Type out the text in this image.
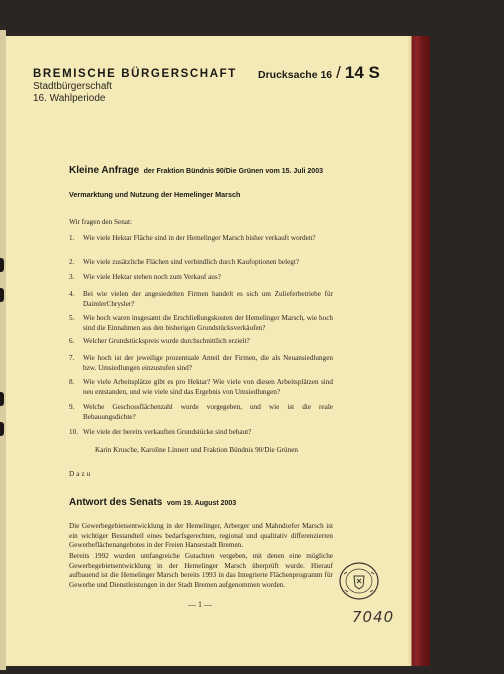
BREMISCHE BÜRGERSCHAFT
Stadtbürgerschaft
16. Wahlperiode
Drucksache 16 / 14 S
Kleine Anfrage der Fraktion Bündnis 90/Die Grünen vom 15. Juli 2003
Vermarktung und Nutzung der Hemelinger Marsch
Wir fragen den Senat:
1.	Wie viele Hektar Fläche sind in der Hemelinger Marsch bisher verkauft worden?
2.	Wie viele zusätzliche Flächen sind verbindlich durch Kaufoptionen belegt?
3.	Wie viele Hektar stehen noch zum Verkauf aus?
4.	Bei wie vielen der angesiedelten Firmen handelt es sich um Zulieferbetriebe für DaimlerChrysler?
5.	Wie hoch waren insgesamt die Erschließungskosten der Hemelinger Marsch, wie hoch sind die Einnahmen aus den bisherigen Grundstücksverkäufen?
6.	Welcher Grundstückspreis wurde durchschnittlich erzielt?
7.	Wie hoch ist der jeweilige prozentuale Anteil der Firmen, die als Neuansiedlungen bzw. Umsiedlungen einzustufen sind?
8.	Wie viele Arbeitsplätze gibt es pro Hektar? Wie viele von diesen Arbeitsplätzen sind neu entstanden, und wie viele sind das Ergebnis von Umsiedlungen?
9.	Welche Geschossflächenzahl wurde vorgegeben, und wie ist die reale Bebauungsdichte?
10. Wie viele der bereits verkauften Grundstücke sind bebaut?
Karin Krusche, Karoline Linnert und Fraktion Bündnis 90/Die Grünen
Dazu
Antwort des Senats vom 19. August 2003
Die Gewerbegebietsentwicklung in der Hemelinger, Arberger und Mahndorfer Marsch ist ein wichtiger Bestandteil eines bedarfsgerechten, regional und qualitativ differenzierten Gewerbeflächenangebotes in der Freien Hansestadt Bremen.
Bereits 1992 wurden umfangreiche Gutachten vergeben, mit denen eine mögliche Gewerbegebietsentwicklung in der Hemelinger Marsch überprüft wurde. Hierauf aufbauend ist die Hemelinger Marsch bereits 1993 in das Integrierte Flächenprogramm für Gewerbe und Dienstleistungen in der Stadt Bremen aufgenommen worden.
— 1 —
7040
